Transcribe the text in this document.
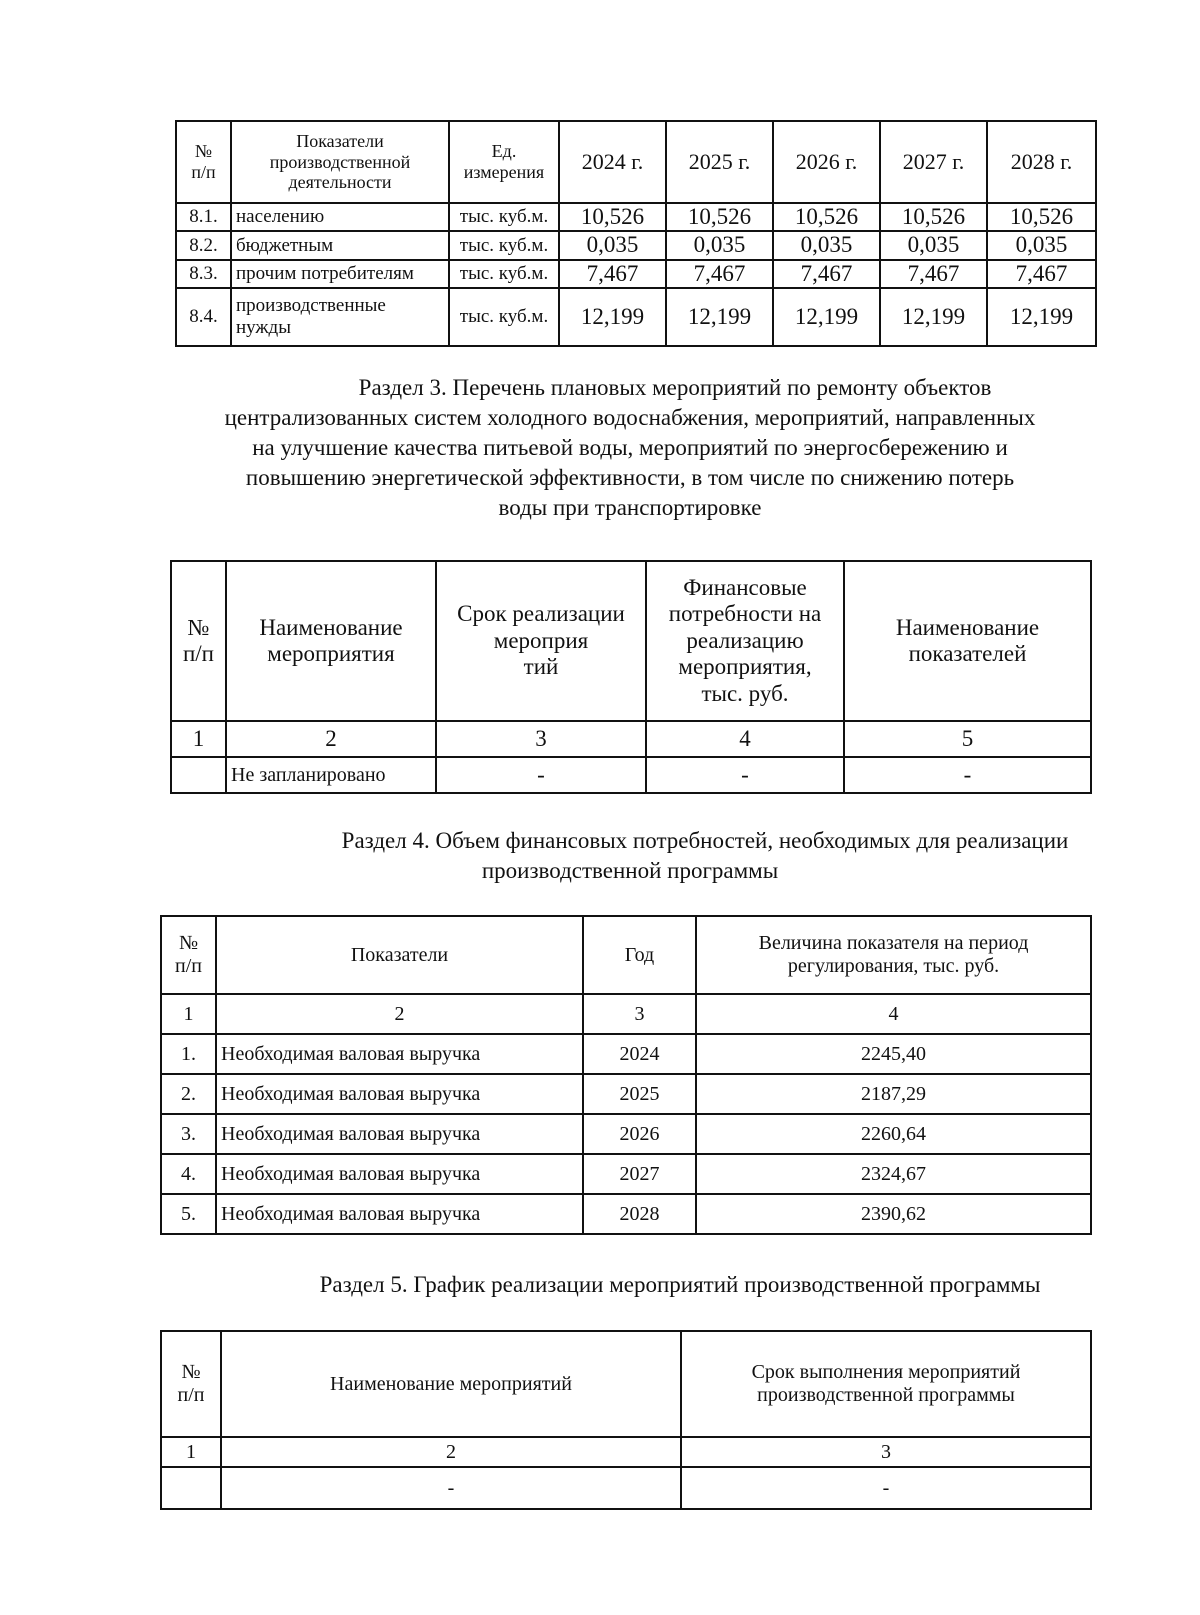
№
п/п	Показатели
производственной
деятельности	Ед.
измерения	2024 г.	2025 г.	2026 г.	2027 г.	2028 г.
8.1.	населению	тыс. куб.м.	10,526	10,526	10,526	10,526	10,526
8.2.	бюджетным	тыс. куб.м.	0,035	0,035	0,035	0,035	0,035
8.3.	прочим потребителям	тыс. куб.м.	7,467	7,467	7,467	7,467	7,467
8.4.	производственные нужды	тыс. куб.м.	12,199	12,199	12,199	12,199	12,199
Раздел 3. Перечень плановых мероприятий по ремонту объектов
централизованных систем холодного водоснабжения, мероприятий, направленных
на улучшение качества питьевой воды, мероприятий по энергосбережению и
повышению энергетической эффективности, в том числе по снижению потерь
воды при транспортировке
№
п/п	Наименование
мероприятия	Срок реализации
мероприя
тий	Финансовые
потребности на
реализацию
мероприятия,
тыс. руб.	Наименование
показателей
1	2	3	4	5
	Не запланировано	-	-	-
Раздел 4. Объем финансовых потребностей, необходимых для реализации
производственной программы
№
п/п	Показатели	Год	Величина показателя на период
регулирования, тыс. руб.
1	2	3	4
1.	Необходимая валовая выручка	2024	2245,40
2.	Необходимая валовая выручка	2025	2187,29
3.	Необходимая валовая выручка	2026	2260,64
4.	Необходимая валовая выручка	2027	2324,67
5.	Необходимая валовая выручка	2028	2390,62
Раздел 5. График реализации мероприятий производственной программы
№
п/п	Наименование мероприятий	Срок выполнения мероприятий
производственной программы
1	2	3
	-	-
